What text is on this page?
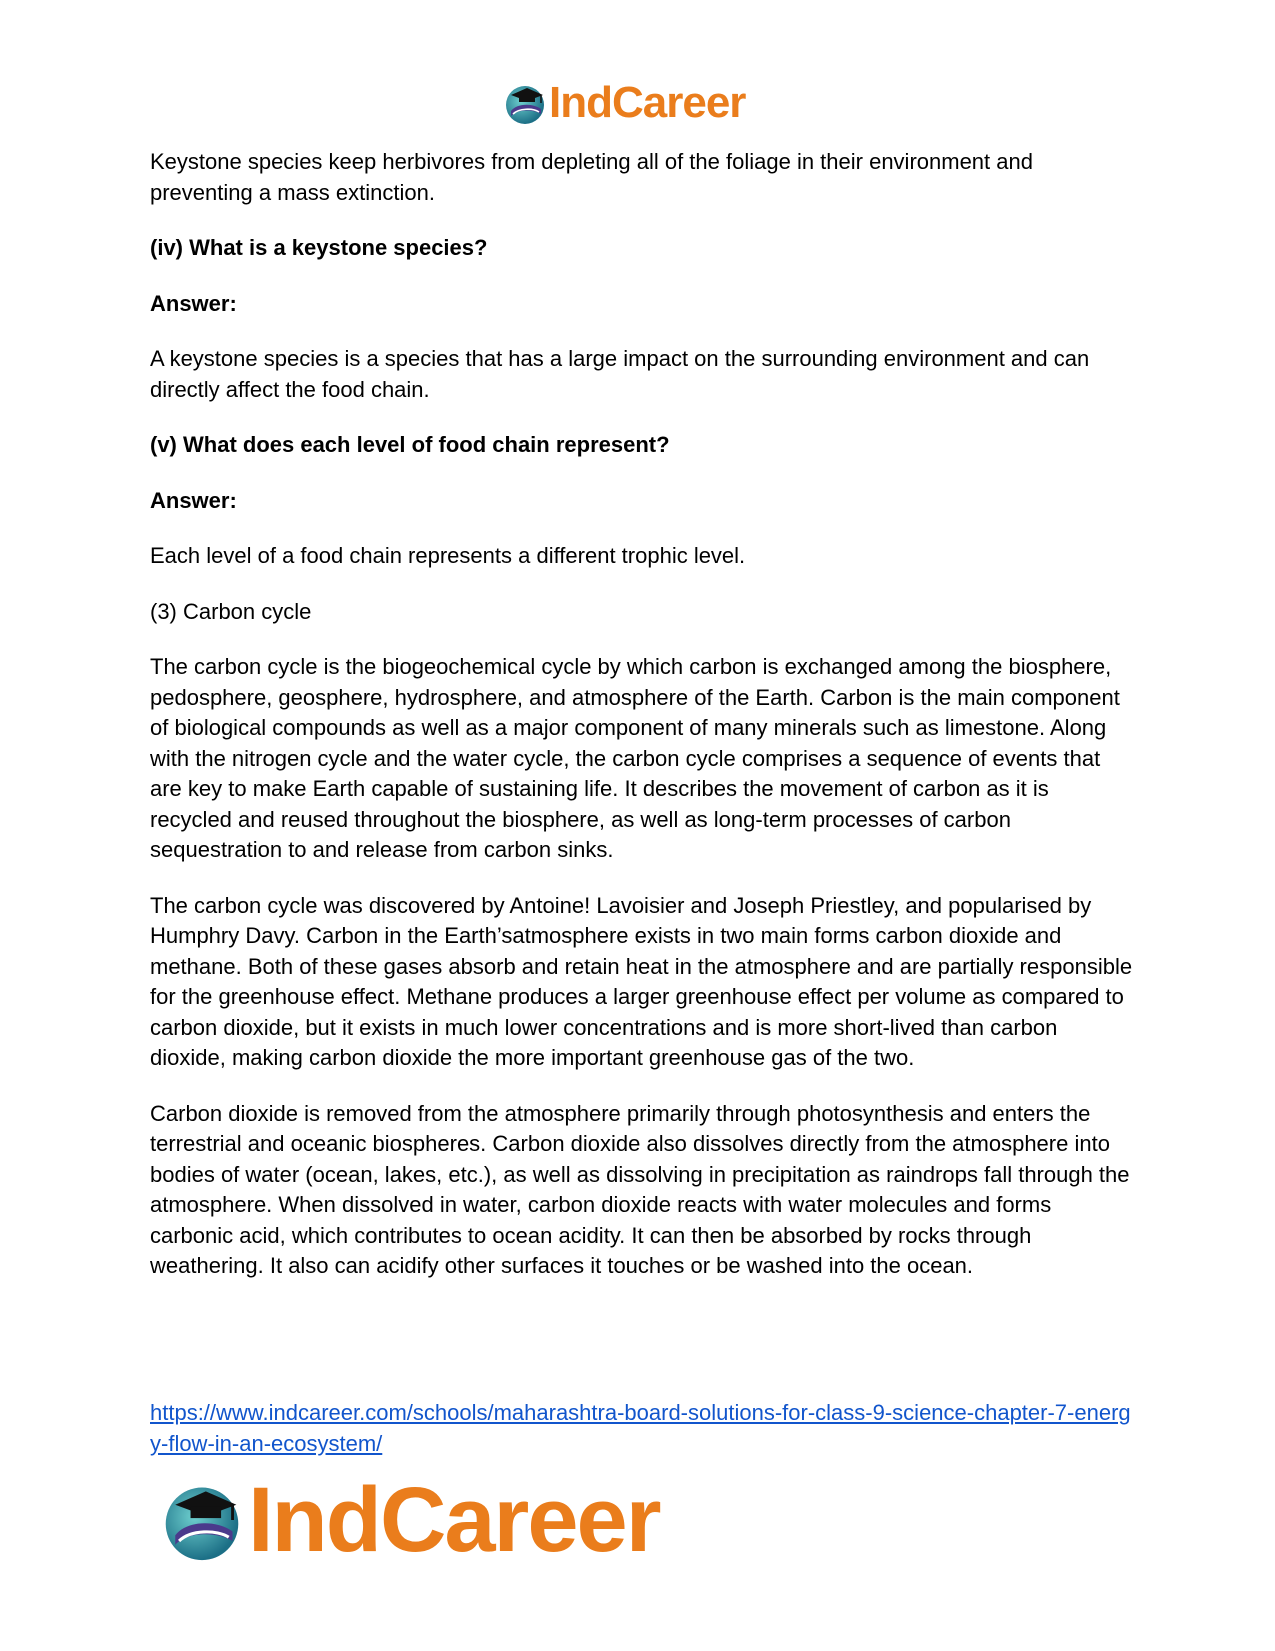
IndCareer

Keystone species keep herbivores from depleting all of the foliage in their environment and preventing a mass extinction.

(iv) What is a keystone species?

Answer:

A keystone species is a species that has a large impact on the surrounding environment and can directly affect the food chain.

(v) What does each level of food chain represent?

Answer:

Each level of a food chain represents a different trophic level.

(3) Carbon cycle

The carbon cycle is the biogeochemical cycle by which carbon is exchanged among the biosphere, pedosphere, geosphere, hydrosphere, and atmosphere of the Earth. Carbon is the main component of biological compounds as well as a major component of many minerals such as limestone. Along with the nitrogen cycle and the water cycle, the carbon cycle comprises a sequence of events that are key to make Earth capable of sustaining life. It describes the movement of carbon as it is recycled and reused throughout the biosphere, as well as long-term processes of carbon sequestration to and release from carbon sinks.

The carbon cycle was discovered by Antoine! Lavoisier and Joseph Priestley, and popularised by Humphry Davy. Carbon in the Earth’satmosphere exists in two main forms carbon dioxide and methane. Both of these gases absorb and retain heat in the atmosphere and are partially responsible for the greenhouse effect. Methane produces a larger greenhouse effect per volume as compared to carbon dioxide, but it exists in much lower concentrations and is more short-lived than carbon dioxide, making carbon dioxide the more important greenhouse gas of the two.

Carbon dioxide is removed from the atmosphere primarily through photosynthesis and enters the terrestrial and oceanic biospheres. Carbon dioxide also dissolves directly from the atmosphere into bodies of water (ocean, lakes, etc.), as well as dissolving in precipitation as raindrops fall through the atmosphere. When dissolved in water, carbon dioxide reacts with water molecules and forms carbonic acid, which contributes to ocean acidity. It can then be absorbed by rocks through weathering. It also can acidify other surfaces it touches or be washed into the ocean.

https://www.indcareer.com/schools/maharashtra-board-solutions-for-class-9-science-chapter-7-energy-flow-in-an-ecosystem/
IndCareer
